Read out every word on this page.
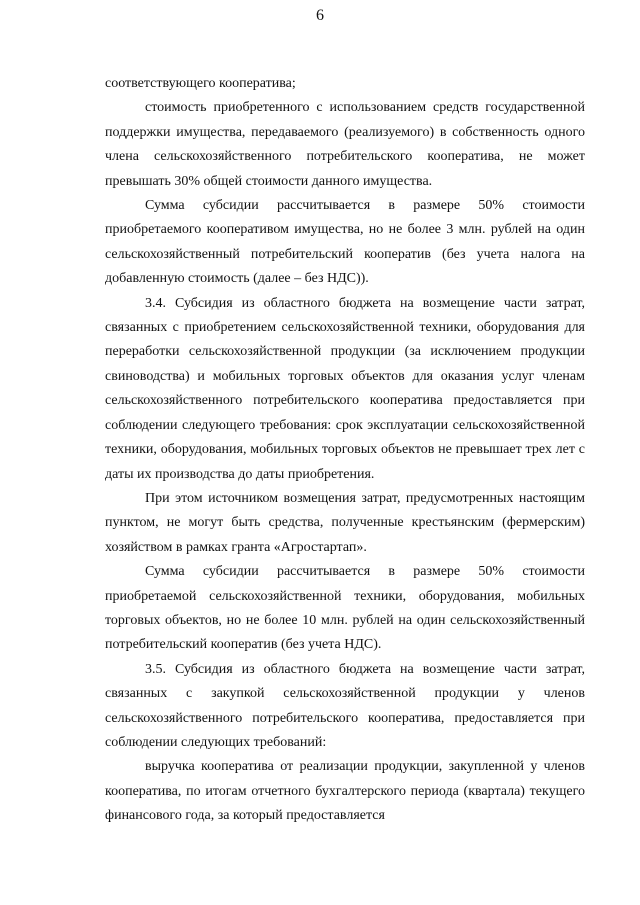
6

соответствующего кооператива;

стоимость приобретенного с использованием средств государственной поддержки имущества, передаваемого (реализуемого) в собственность одного члена сельскохозяйственного потребительского кооператива, не может превышать 30% общей стоимости данного имущества.

Сумма субсидии рассчитывается в размере 50% стоимости приобретаемого кооперативом имущества, но не более 3 млн. рублей на один сельскохозяйственный потребительский кооператив (без учета налога на добавленную стоимость (далее – без НДС)).

3.4. Субсидия из областного бюджета на возмещение части затрат, связанных с приобретением сельскохозяйственной техники, оборудования для переработки сельскохозяйственной продукции (за исключением продукции свиноводства) и мобильных торговых объектов для оказания услуг членам сельскохозяйственного потребительского кооператива предоставляется при соблюдении следующего требования: срок эксплуатации сельскохозяйственной техники, оборудования, мобильных торговых объектов не превышает трех лет с даты их производства до даты приобретения.

При этом источником возмещения затрат, предусмотренных настоящим пунктом, не могут быть средства, полученные крестьянским (фермерским) хозяйством в рамках гранта «Агростартап».

Сумма субсидии рассчитывается в размере 50% стоимости приобретаемой сельскохозяйственной техники, оборудования, мобильных торговых объектов, но не более 10 млн. рублей на один сельскохозяйственный потребительский кооператив (без учета НДС).

3.5. Субсидия из областного бюджета на возмещение части затрат, связанных с закупкой сельскохозяйственной продукции у членов сельскохозяйственного потребительского кооператива, предоставляется при соблюдении следующих требований:

выручка кооператива от реализации продукции, закупленной у членов кооператива, по итогам отчетного бухгалтерского периода (квартала) текущего финансового года, за который предоставляется
